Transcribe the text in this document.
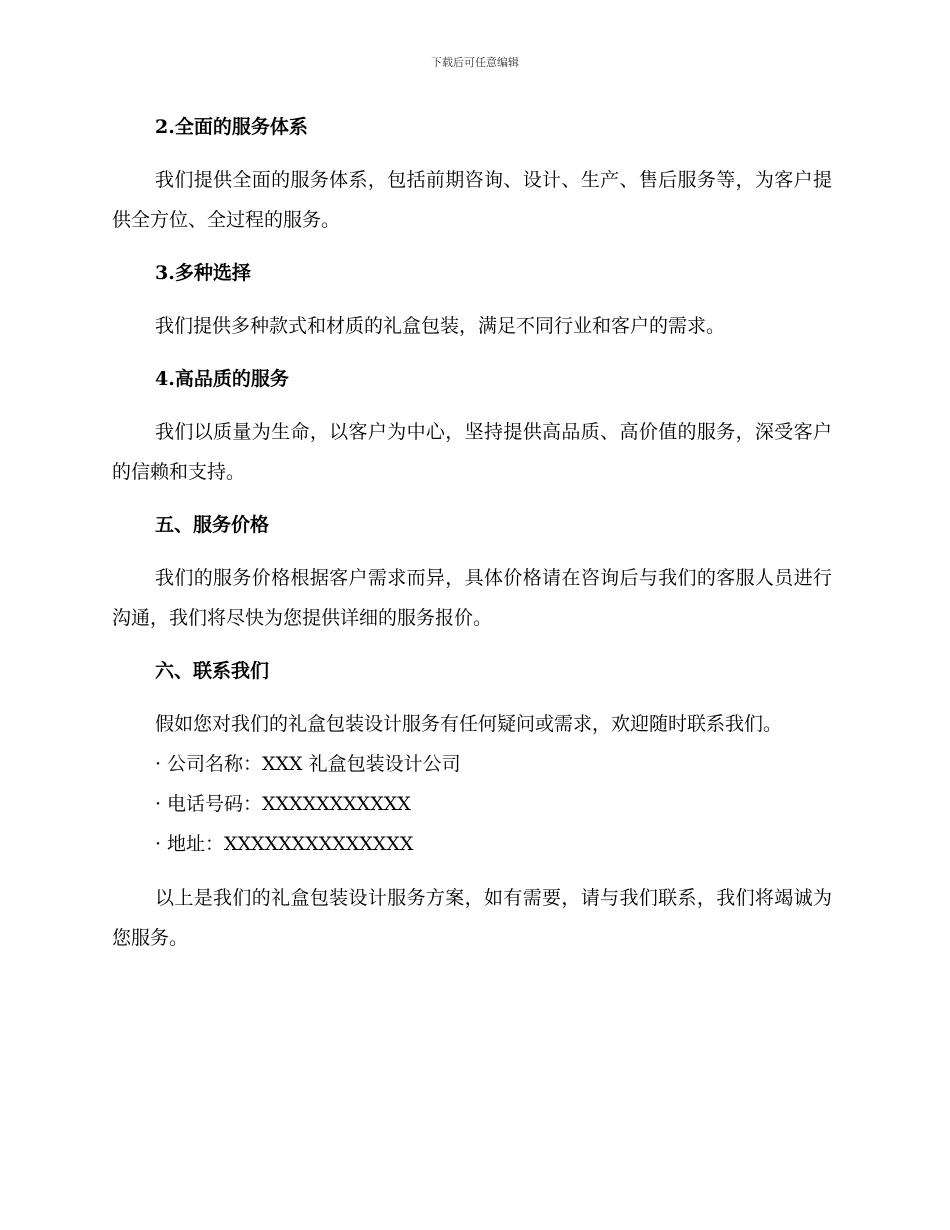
下载后可任意编辑

2.全面的服务体系

我们提供全面的服务体系，包括前期咨询、设计、生产、售后服务等，为客户提供全方位、全过程的服务。

3.多种选择

我们提供多种款式和材质的礼盒包装，满足不同行业和客户的需求。

4.高品质的服务

我们以质量为生命，以客户为中心，坚持提供高品质、高价值的服务，深受客户的信赖和支持。

五、服务价格

我们的服务价格根据客户需求而异，具体价格请在咨询后与我们的客服人员进行沟通，我们将尽快为您提供详细的服务报价。

六、联系我们

假如您对我们的礼盒包装设计服务有任何疑问或需求，欢迎随时联系我们。

· 公司名称：XXX 礼盒包装设计公司

· 电话号码：XXXXXXXXXXX

· 地址：XXXXXXXXXXXXXX

以上是我们的礼盒包装设计服务方案，如有需要，请与我们联系，我们将竭诚为您服务。
